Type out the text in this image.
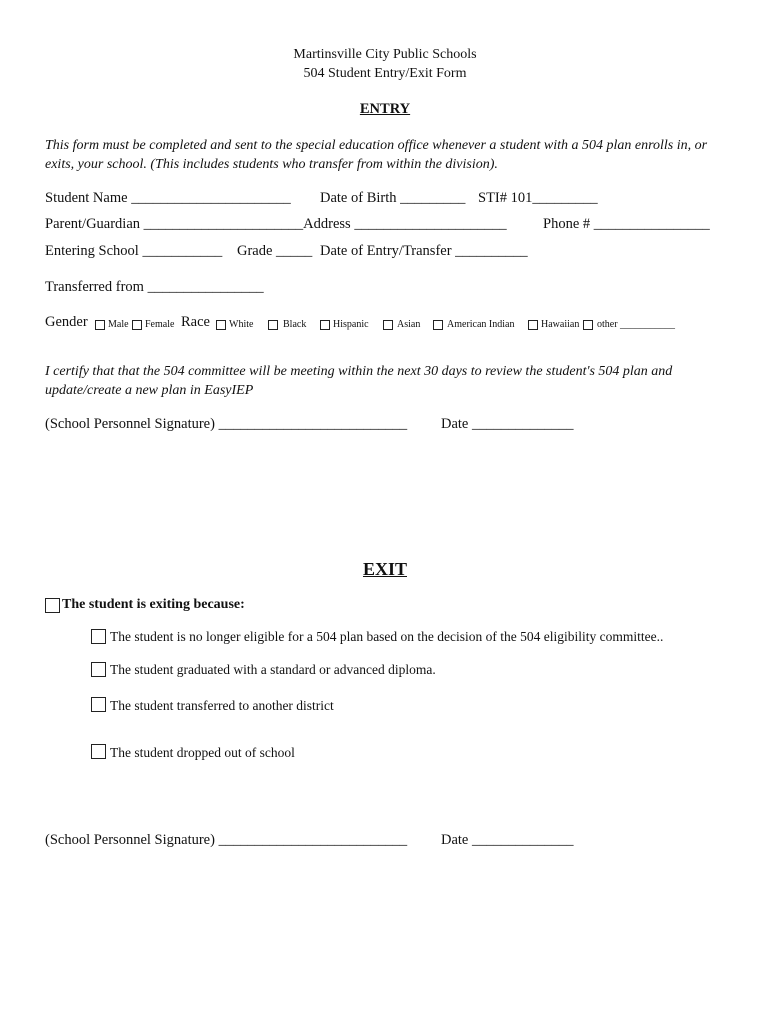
Martinsville City Public Schools
504 Student Entry/Exit Form
ENTRY
This form must be completed and sent to the special education office whenever a student with a 504 plan enrolls in, or exits, your school. (This includes students who transfer from within the division).
Student Name ______________________ Date of Birth _________ STI# 101_________
Parent/Guardian ______________________Address _____________________	Phone # ________________
Entering School ___________ Grade _____ Date of Entry/Transfer __________
Transferred from ________________
Gender Male Female Race White	Black	Hispanic	Asian	American Indian	Hawaiian other ___________
I certify that that the 504 committee will be meeting within the next 30 days to review the student's 504 plan and update/create a new plan in EasyIEP
(School Personnel Signature) __________________________ Date ______________
EXIT
The student is exiting because:
The student is no longer eligible for a 504 plan based on the decision of the 504 eligibility committee..
The student graduated with a standard or advanced diploma.
The student transferred to another district
The student dropped out of school
(School Personnel Signature) __________________________ Date ______________
